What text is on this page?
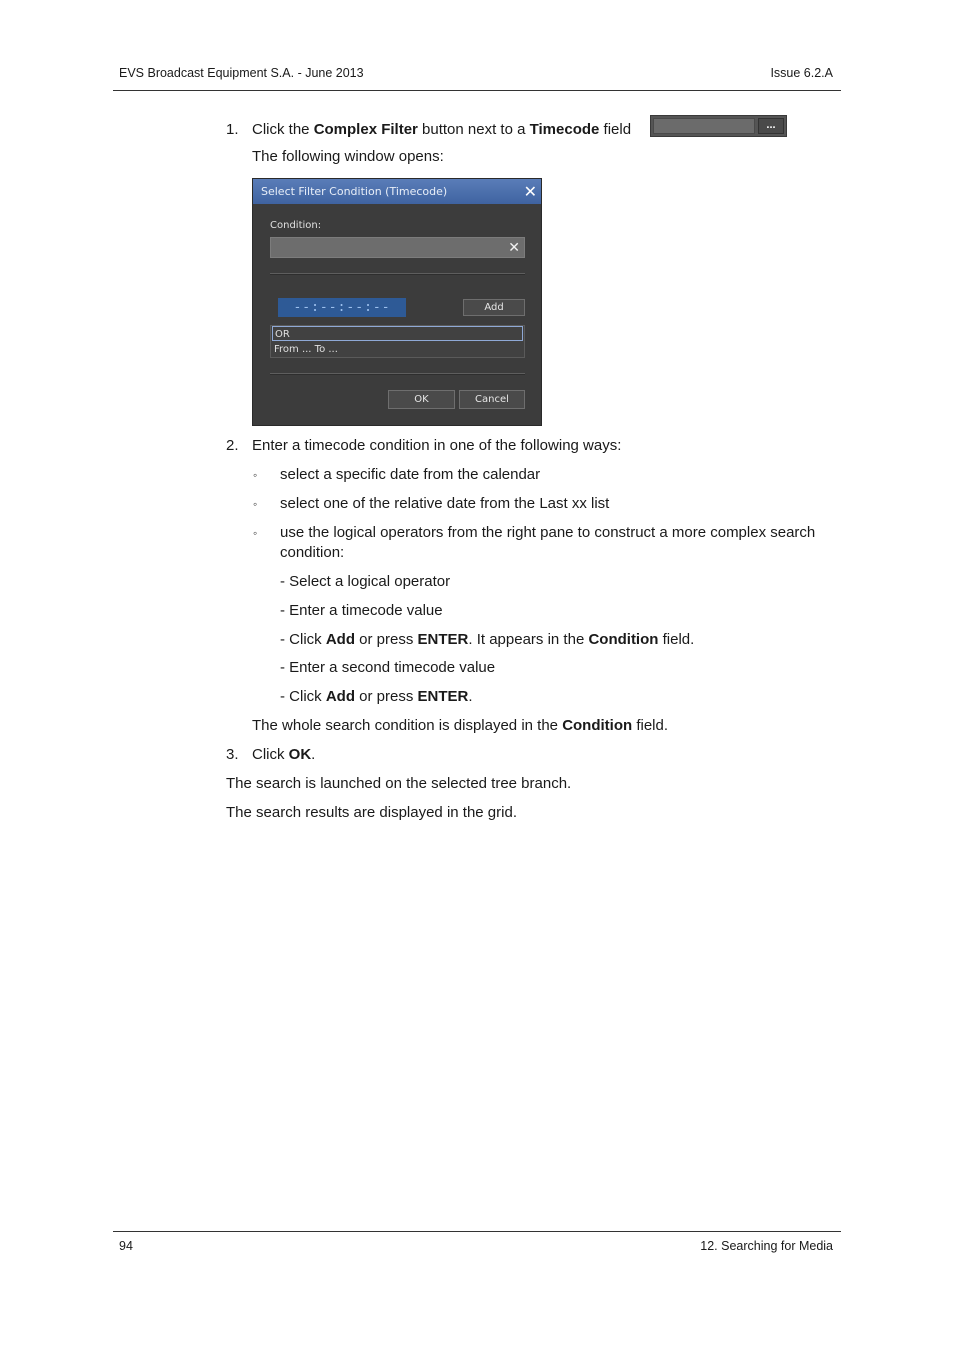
EVS Broadcast Equipment S.A. - June 2013	Issue 6.2.A
1. Click the Complex Filter button next to a Timecode field	...
The following window opens:
Select Filter Condition (Timecode)	✕
Condition:
✕
--:--:--:--	Add
OR
From ... To ...
OK	Cancel
2. Enter a timecode condition in one of the following ways:
◦ select a specific date from the calendar
◦ select one of the relative date from the Last xx list
◦ use the logical operators from the right pane to construct a more complex search
condition:
- Select a logical operator
- Enter a timecode value
- Click Add or press ENTER. It appears in the Condition field.
- Enter a second timecode value
- Click Add or press ENTER.
The whole search condition is displayed in the Condition field.
3. Click OK.
The search is launched on the selected tree branch.
The search results are displayed in the grid.
94	12. Searching for Media
